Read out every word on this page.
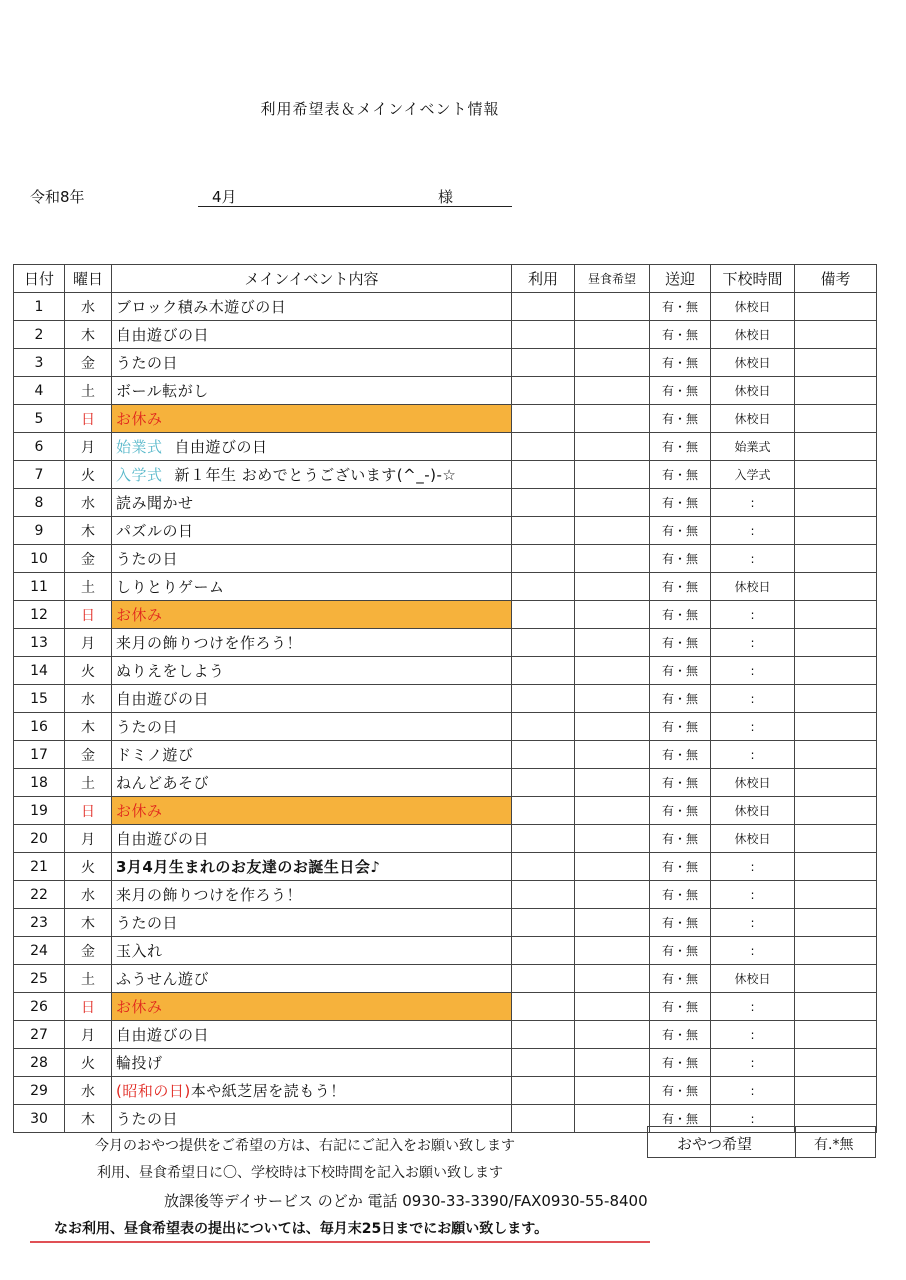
利用希望表＆メインイベント情報
令和8年	4月	様
日付	曜日	メインイベント内容	利用	昼食希望	送迎	下校時間	備考
1	水	ブロック積み木遊びの日			有・無	休校日	
2	木	自由遊びの日			有・無	休校日	
3	金	うたの日			有・無	休校日	
4	土	ボール転がし			有・無	休校日	
5	日	お休み			有・無	休校日	
6	月	始業式 自由遊びの日			有・無	始業式	
7	火	入学式 新１年生 おめでとうございます(^_-)-☆			有・無	入学式	
8	水	読み聞かせ			有・無	:	
9	木	パズルの日			有・無	:	
10	金	うたの日			有・無	:	
11	土	しりとりゲーム			有・無	休校日	
12	日	お休み			有・無	:	
13	月	来月の飾りつけを作ろう！			有・無	:	
14	火	ぬりえをしよう			有・無	:	
15	水	自由遊びの日			有・無	:	
16	木	うたの日			有・無	:	
17	金	ドミノ遊び			有・無	:	
18	土	ねんどあそび			有・無	休校日	
19	日	お休み			有・無	休校日	
20	月	自由遊びの日			有・無	休校日	
21	火	3月4月生まれのお友達のお誕生日会♪			有・無	:	
22	水	来月の飾りつけを作ろう！			有・無	:	
23	木	うたの日			有・無	:	
24	金	玉入れ			有・無	:	
25	土	ふうせん遊び			有・無	休校日	
26	日	お休み			有・無	:	
27	月	自由遊びの日			有・無	:	
28	火	輪投げ			有・無	:	
29	水	(昭和の日)本や紙芝居を読もう！			有・無	:	
30	木	うたの日			有・無	:	
今月のおやつ提供をご希望の方は、右記にご記入をお願い致します	おやつ希望	有.*無
利用、昼食希望日に〇、学校時は下校時間を記入お願い致します
放課後等デイサービス のどか 電話 0930-33-3390/FAX0930-55-8400
なお利用、昼食希望表の提出については、毎月末25日までにお願い致します。
